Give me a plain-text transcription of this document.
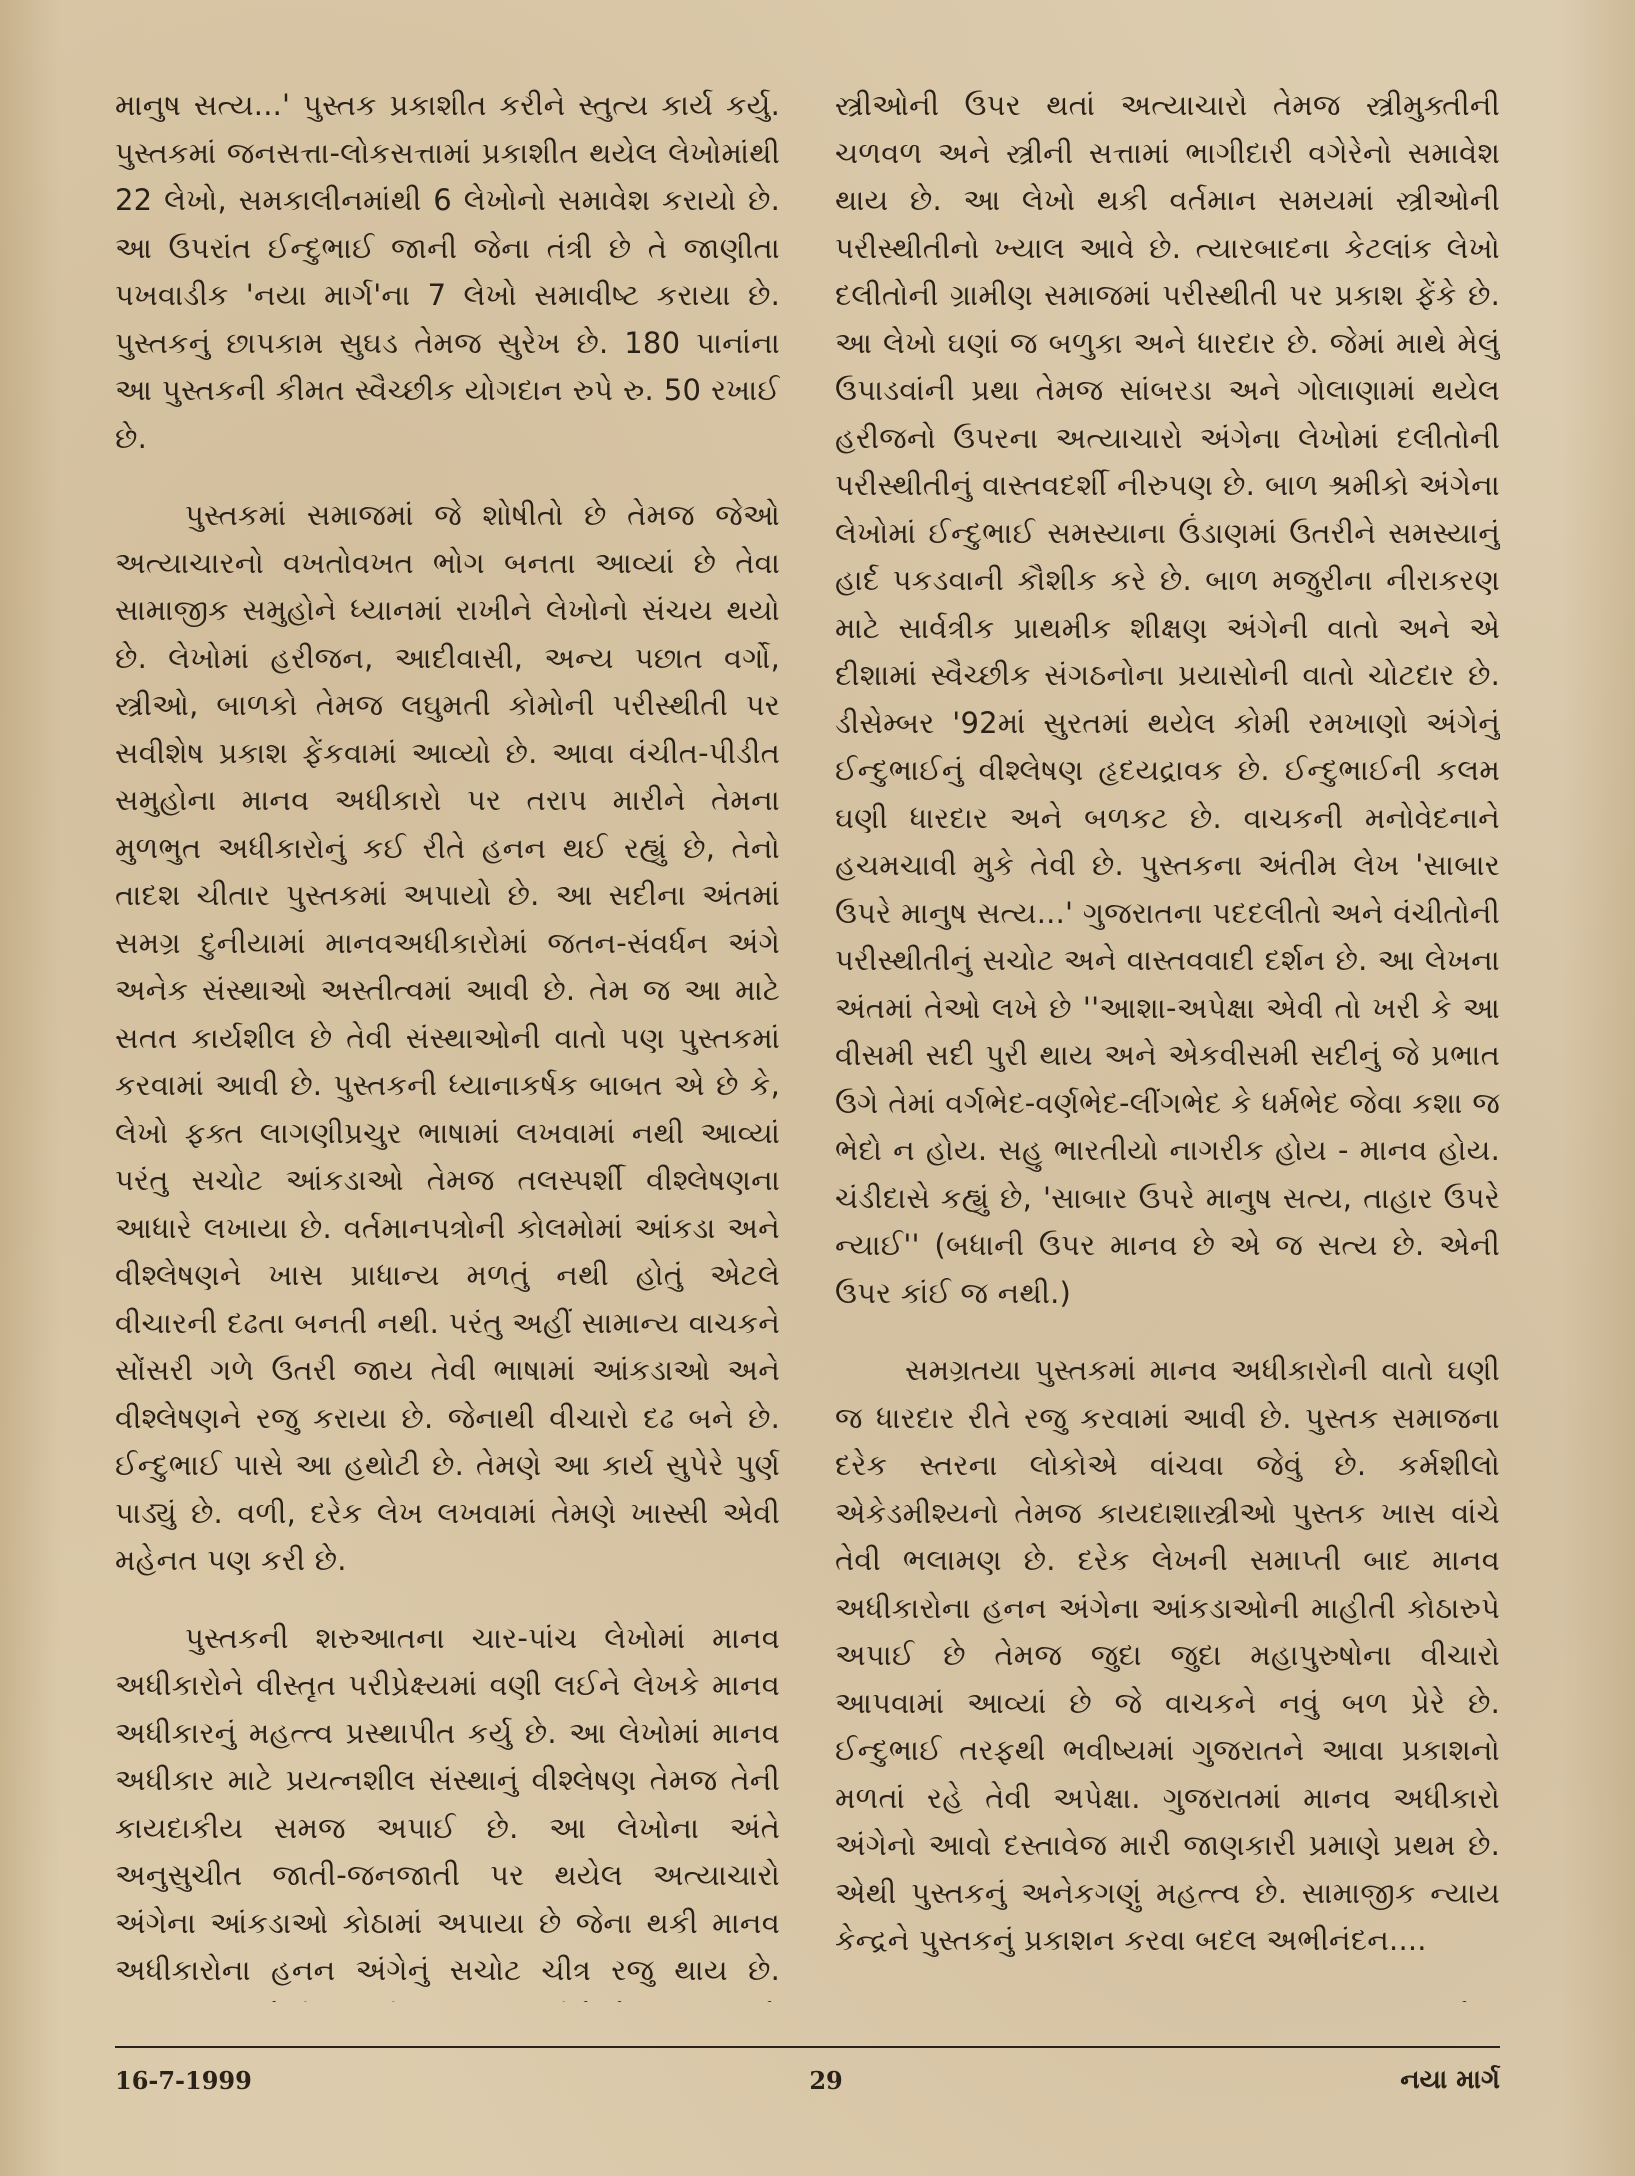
માનુષ સત્ય...' પુસ્તક પ્રકાશીત કરીને સ્તુત્ય કાર્ય કર્યુ. પુસ્તકમાં જનસત્તા-લોકસત્તામાં પ્રકાશીત થયેલ લેખોમાંથી 22 લેખો, સમકાલીનમાંથી 6 લેખોનો સમાવેશ કરાયો છે. આ ઉપરાંત ઈન્દુભાઈ જાની જેના તંત્રી છે તે જાણીતા પખવાડીક 'નયા માર્ગ'ના 7 લેખો સમાવીષ્ટ કરાયા છે. પુસ્તકનું છાપકામ સુઘડ તેમજ સુરેખ છે. 180 પાનાંના આ પુસ્તકની કીમત સ્વૈચ્છીક યોગદાન રુપે રુ. 50 રખાઈ છે.

પુસ્તકમાં સમાજમાં જે શોષીતો છે તેમજ જેઓ અત્યાચારનો વખતોવખત ભોગ બનતા આવ્યાં છે તેવા સામાજીક સમુહોને ધ્યાનમાં રાખીને લેખોનો સંચય થયો છે. લેખોમાં હરીજન, આદીવાસી, અન્ય પછાત વર્ગો, સ્ત્રીઓ, બાળકો તેમજ લઘુમતી કોમોની પરીસ્થીતી પર સવીશેષ પ્રકાશ ફેંકવામાં આવ્યો છે. આવા વંચીત-પીડીત સમુહોના માનવ અધીકારો પર તરાપ મારીને તેમના મુળભુત અધીકારોનું કઈ રીતે હનન થઈ રહ્યું છે, તેનો તાદશ ચીતાર પુસ્તકમાં અપાયો છે. આ સદીના અંતમાં સમગ્ર દુનીયામાં માનવઅધીકારોમાં જતન-સંવર્ધન અંગે અનેક સંસ્થાઓ અસ્તીત્વમાં આવી છે. તેમ જ આ માટે સતત કાર્યશીલ છે તેવી સંસ્થાઓની વાતો પણ પુસ્તકમાં કરવામાં આવી છે. પુસ્તકની ધ્યાનાકર્ષક બાબત એ છે કે, લેખો ફક્ત લાગણીપ્રચુર ભાષામાં લખવામાં નથી આવ્યાં પરંતુ સચોટ આંકડાઓ તેમજ તલસ્પર્શી વીશ્લેષણના આધારે લખાયા છે. વર્તમાનપત્રોની કોલમોમાં આંકડા અને વીશ્લેષણને ખાસ પ્રાધાન્ય મળતું નથી હોતું એટલે વીચારની દઢતા બનતી નથી. પરંતુ અહીં સામાન્ય વાચકને સોંસરી ગળે ઉતરી જાય તેવી ભાષામાં આંકડાઓ અને વીશ્લેષણને રજુ કરાયા છે. જેનાથી વીચારો દઢ બને છે. ઈન્દુભાઈ પાસે આ હથોટી છે. તેમણે આ કાર્ય સુપેરે પુર્ણ પાડ્યું છે. વળી, દરેક લેખ લખવામાં તેમણે ખાસ્સી એવી મહેનત પણ કરી છે.

પુસ્તકની શરુઆતના ચાર-પાંચ લેખોમાં માનવ અધીકારોને વીસ્તૃત પરીપ્રેક્ષ્યમાં વણી લઈને લેખકે માનવ અધીકારનું મહત્ત્વ પ્રસ્થાપીત કર્યુ છે. આ લેખોમાં માનવ અધીકાર માટે પ્રયત્નશીલ સંસ્થાનું વીશ્લેષણ તેમજ તેની કાયદાકીય સમજ અપાઈ છે. આ લેખોના અંતે અનુસુચીત જાતી-જનજાતી પર થયેલ અત્યાચારો અંગેના આંકડાઓ કોઠામાં અપાયા છે જેના થકી માનવ અધીકારોના હનન અંગેનું સચોટ ચીત્ર રજુ થાય છે.

સ્ત્રીઓની ઉપર થતાં અત્યાચારો તેમજ સ્ત્રીમુક્તીની ચળવળ અને સ્ત્રીની સત્તામાં ભાગીદારી વગેરેનો સમાવેશ થાય છે. આ લેખો થકી વર્તમાન સમયમાં સ્ત્રીઓની પરીસ્થીતીનો ખ્યાલ આવે છે. ત્યારબાદના કેટલાંક લેખો દલીતોની ગ્રામીણ સમાજમાં પરીસ્થીતી પર પ્રકાશ ફેંકે છે. આ લેખો ઘણાં જ બળુકા અને ધારદાર છે. જેમાં માથે મેલું ઉપાડવાંની પ્રથા તેમજ સાંબરડા અને ગોલાણામાં થયેલ હરીજનો ઉપરના અત્યાચારો અંગેના લેખોમાં દલીતોની પરીસ્થીતીનું વાસ્તવદર્શી નીરુપણ છે. બાળ શ્રમીકો અંગેના લેખોમાં ઈન્દુભાઈ સમસ્યાના ઉંડાણમાં ઉતરીને સમસ્યાનું હાર્દ પકડવાની કૌશીક કરે છે. બાળ મજુરીના નીરાકરણ માટે સાર્વત્રીક પ્રાથમીક શીક્ષણ અંગેની વાતો અને એ દીશામાં સ્વૈચ્છીક સંગઠનોના પ્રયાસોની વાતો ચોટદાર છે. ડીસેમ્બર '92માં સુરતમાં થયેલ કોમી રમખાણો અંગેનું ઈન્દુભાઈનું વીશ્લેષણ હૃદયદ્રાવક છે. ઈન્દુભાઈની કલમ ઘણી ધારદાર અને બળકટ છે. વાચકની મનોવેદનાને હચમચાવી મુકે તેવી છે. પુસ્તકના અંતીમ લેખ 'સાબાર ઉપરે માનુષ સત્ય...' ગુજરાતના પદદલીતો અને વંચીતોની પરીસ્થીતીનું સચોટ અને વાસ્તવવાદી દર્શન છે. આ લેખના અંતમાં તેઓ લખે છે ''આશા-અપેક્ષા એવી તો ખરી કે આ વીસમી સદી પુરી થાય અને એકવીસમી સદીનું જે પ્રભાત ઉગે તેમાં વર્ગભેદ-વર્ણભેદ-લીંગભેદ કે ધર્મભેદ જેવા કશા જ ભેદો ન હોય. સહુ ભારતીયો નાગરીક હોય - માનવ હોય. ચંડીદાસે કહ્યું છે, 'સાબાર ઉપરે માનુષ સત્ય, તાહાર ઉપરે ન્યાઈ'' (બધાની ઉપર માનવ છે એ જ સત્ય છે. એની ઉપર કાંઈ જ નથી.)

સમગ્રતયા પુસ્તકમાં માનવ અધીકારોની વાતો ઘણી જ ધારદાર રીતે રજુ કરવામાં આવી છે. પુસ્તક સમાજના દરેક સ્તરના લોકોએ વાંચવા જેવું છે. કર્મશીલો એકેડમીશ્યનો તેમજ કાયદાશાસ્ત્રીઓ પુસ્તક ખાસ વાંચે તેવી ભલામણ છે. દરેક લેખની સમાપ્તી બાદ માનવ અધીકારોના હનન અંગેના આંકડાઓની માહીતી કોઠારુપે અપાઈ છે તેમજ જુદા જુદા મહાપુરુષોના વીચારો આપવામાં આવ્યાં છે જે વાચકને નવું બળ પ્રેરે છે. ઈન્દુભાઈ તરફથી ભવીષ્યમાં ગુજરાતને આવા પ્રકાશનો મળતાં રહે તેવી અપેક્ષા. ગુજરાતમાં માનવ અધીકારો અંગેનો આવો દસ્તાવેજ મારી જાણકારી પ્રમાણે પ્રથમ છે. એથી પુસ્તકનું અનેકગણું મહત્ત્વ છે. સામાજીક ન્યાય કેન્દ્રને પુસ્તકનું પ્રકાશન કરવા બદલ અભીનંદન....

16-7-1999	29	નયા માર્ગ
